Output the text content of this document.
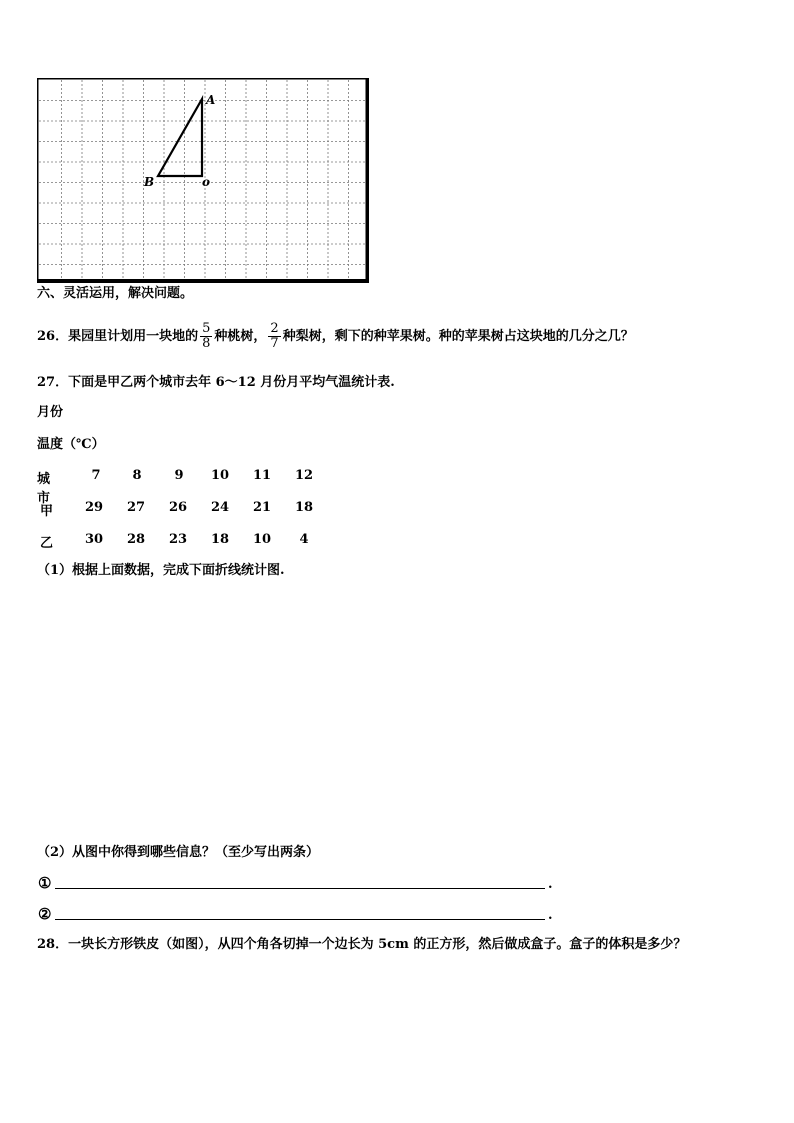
A
B	o
六、灵活运用，解决问题。
26．果园里计划用一块地的 $\frac{5}{8}$ 种桃树， $\frac{2}{7}$ 种梨树，剩下的种苹果树。种的苹果树占这块地的几分之几？
27．下面是甲乙两个城市去年 6～12 月份月平均气温统计表.
月份
温度（℃）
城市
7	8	9	10	11	12
甲	29	27	26	24	21	18
乙	30	28	23	18	10	4
（1）根据上面数据，完成下面折线统计图.
（2）从图中你得到哪些信息？（至少写出两条）
①	.
②	.
28．一块长方形铁皮（如图），从四个角各切掉一个边长为 5cm 的正方形，然后做成盒子。盒子的体积是多少？
